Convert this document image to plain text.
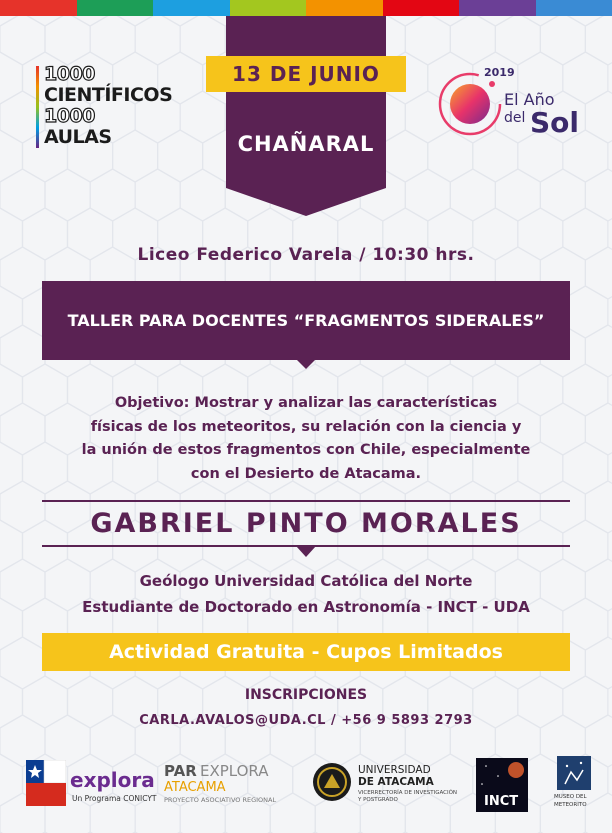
13 DE JUNIO
CHAÑARAL
1000
CIENTÍFICOS
1000
AULAS
2019
El Año
del Sol
Liceo Federico Varela / 10:30 hrs.
TALLER PARA DOCENTES “FRAGMENTOS SIDERALES”
Objetivo: Mostrar y analizar las características
físicas de los meteoritos, su relación con la ciencia y
la unión de estos fragmentos con Chile, especialmente
con el Desierto de Atacama.
GABRIEL PINTO MORALES
Geólogo Universidad Católica del Norte
Estudiante de Doctorado en Astronomía - INCT - UDA
Actividad Gratuita - Cupos Limitados
INSCRIPCIONES
CARLA.AVALOS@UDA.CL / +56 9 5893 2793
explora
Un Programa CONICYT
PAR EXPLORA
ATACAMA
PROYECTO ASOCIATIVO REGIONAL
UNIVERSIDAD
DE ATACAMA
VICERRECTORÍA DE INVESTIGACIÓN
Y POSTGRADO	INCT	MUSEO DEL
METEORITO
